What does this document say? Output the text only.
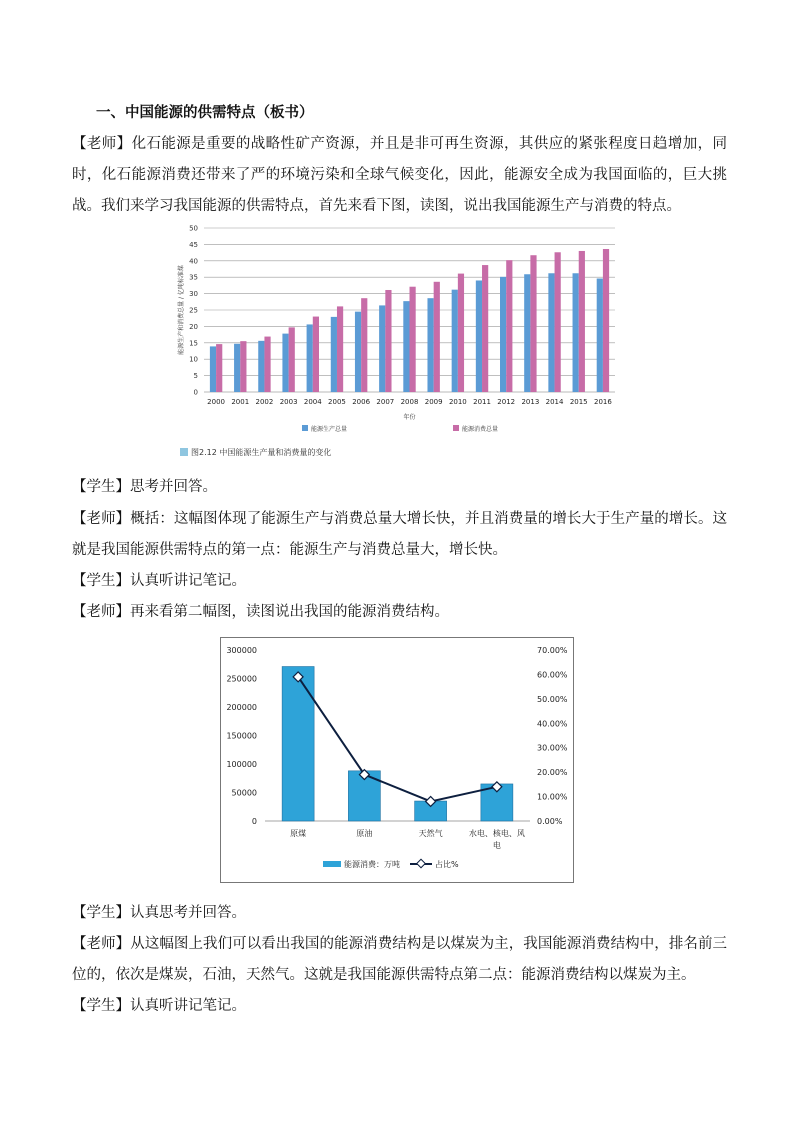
一、中国能源的供需特点（板书）

【老师】化石能源是重要的战略性矿产资源，并且是非可再生资源，其供应的紧张程度日趋增加，同时，化石能源消费还带来了严的环境污染和全球气候变化，因此，能源安全成为我国面临的，巨大挑战。我们来学习我国能源的供需特点，首先来看下图，读图，说出我国能源生产与消费的特点。

0
5
10
15
20
25
30
35
40
45
50
能源生产和消费总量 / 亿吨标准煤
2000 2001 2002 2003 2004 2005 2006 2007 2008 2009 2010 2011 2012 2013 2014 2015 2016
年份
能源生产总量	能源消费总量
图2.12 中国能源生产量和消费量的变化

【学生】思考并回答。

【老师】概括：这幅图体现了能源生产与消费总量大增长快，并且消费量的增长大于生产量的增长。这就是我国能源供需特点的第一点：能源生产与消费总量大，增长快。

【学生】认真听讲记笔记。

【老师】再来看第二幅图，读图说出我国的能源消费结构。

0
50000
100000
150000
200000
250000
300000
0.00%
10.00%
20.00%
30.00%
40.00%
50.00%
60.00%
70.00%
原煤	原油	天然气	水电、核电、风
电
能源消费：万吨	占比%

【学生】认真思考并回答。

【老师】从这幅图上我们可以看出我国的能源消费结构是以煤炭为主，我国能源消费结构中，排名前三位的，依次是煤炭，石油，天然气。这就是我国能源供需特点第二点：能源消费结构以煤炭为主。

【学生】认真听讲记笔记。
